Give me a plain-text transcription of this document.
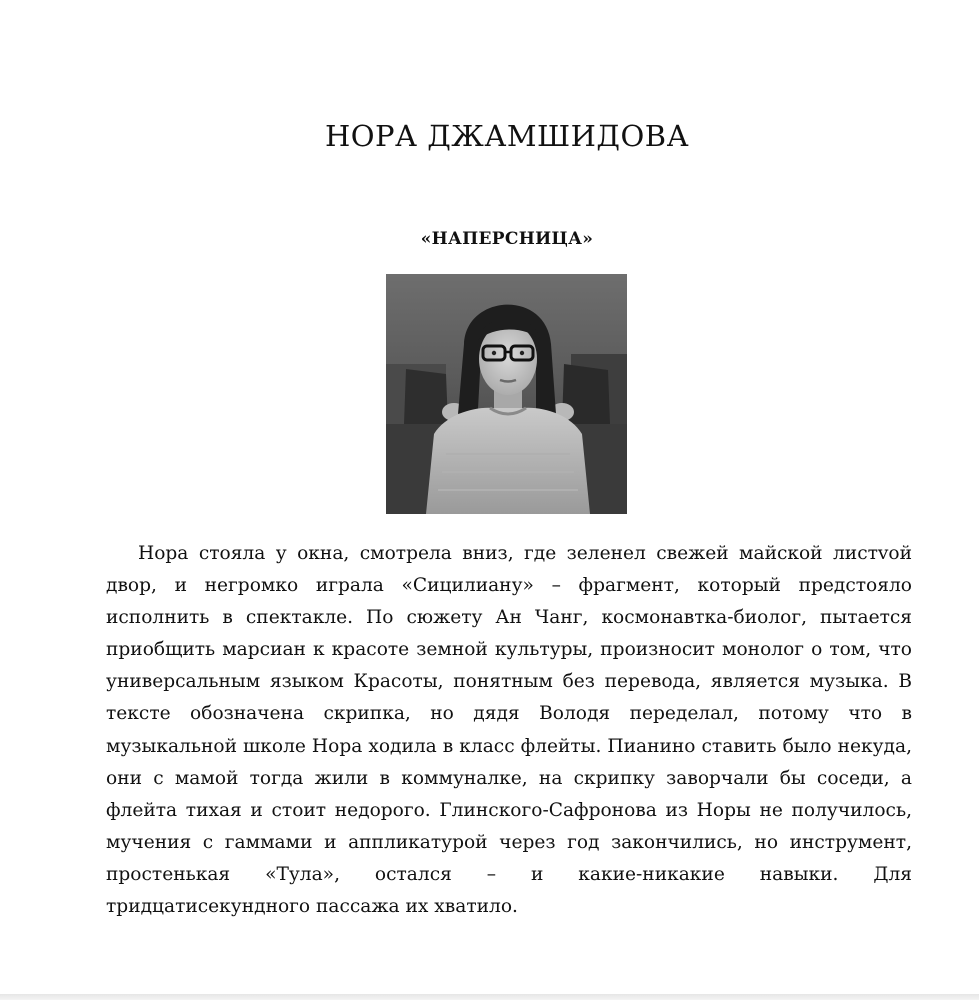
НОРА ДЖАМШИДОВА
«НАПЕРСНИЦА»

Нора стояла у окна, смотрела вниз, где зеленел свежей майской листvой двор, и негромко играла «Сицилиану» – фрагмент, который предстояло исполнить в спектакле. По сюжету Ан Чанг, космонавтка-биолог, пытается приобщить марсиан к красоте земной культуры, произносит монолог о том, что универсальным языком Красоты, понятным без перевода, является музыка. В тексте обозначена скрипка, но дядя Володя переделал, потому что в музыкальной школе Нора ходила в класс флейты. Пианино ставить было некуда, они с мамой тогда жили в коммуналке, на скрипку заворчали бы соседи, а флейта тихая и стоит недорого. Глинского-Сафронова из Норы не получилось, мучения с гаммами и аппликатурой через год закончились, но инструмент, простенькая «Тула», остался – и какие-никакие навыки. Для тридцатисекундного пассажа их хватило.
